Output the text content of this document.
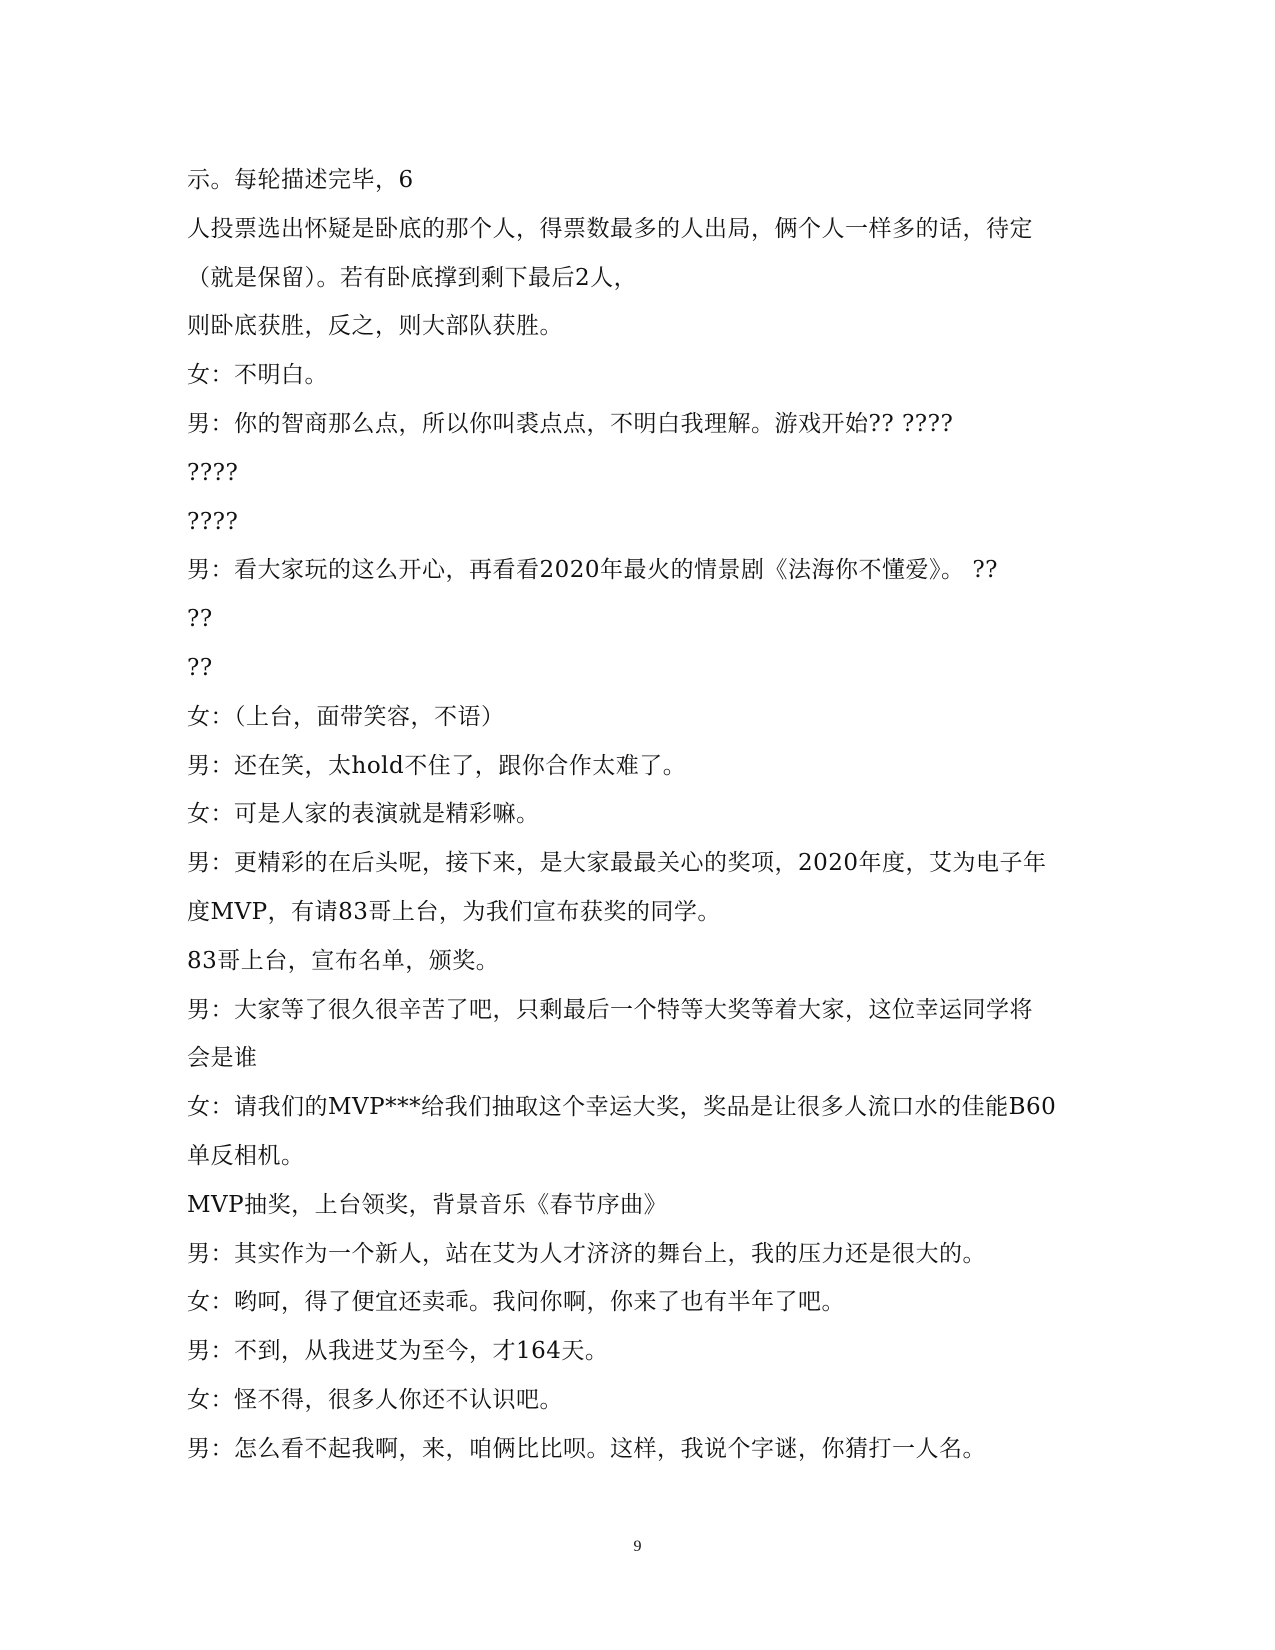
示。每轮描述完毕，6
人投票选出怀疑是卧底的那个人，得票数最多的人出局，俩个人一样多的话，待定
（就是保留）。若有卧底撑到剩下最后2人，
则卧底获胜，反之，则大部队获胜。
女：不明白。
男：你的智商那么点，所以你叫裘点点，不明白我理解。游戏开始?? ????
????
????
男：看大家玩的这么开心，再看看2020年最火的情景剧《法海你不懂爱》。 ??
??
??
女：（上台，面带笑容，不语）
男：还在笑，太hold不住了，跟你合作太难了。
女：可是人家的表演就是精彩嘛。
男：更精彩的在后头呢，接下来，是大家最最关心的奖项，2020年度，艾为电子年
度MVP，有请83哥上台，为我们宣布获奖的同学。
83哥上台，宣布名单，颁奖。
男：大家等了很久很辛苦了吧，只剩最后一个特等大奖等着大家，这位幸运同学将
会是谁
女：请我们的MVP***给我们抽取这个幸运大奖，奖品是让很多人流口水的佳能B60
单反相机。
MVP抽奖，上台领奖，背景音乐《春节序曲》
男：其实作为一个新人，站在艾为人才济济的舞台上，我的压力还是很大的。
女：哟呵，得了便宜还卖乖。我问你啊，你来了也有半年了吧。
男：不到，从我进艾为至今，才164天。
女：怪不得，很多人你还不认识吧。
男：怎么看不起我啊，来，咱俩比比呗。这样，我说个字谜，你猜打一人名。
9
